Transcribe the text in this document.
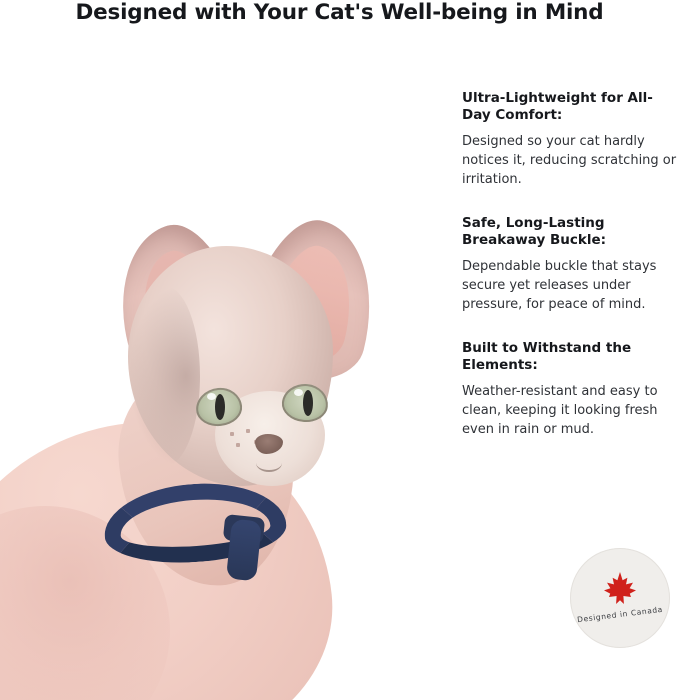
Designed with Your Cat's Well-being in Mind

Ultra-Lightweight for All-Day Comfort:

Designed so your cat hardly notices it, reducing scratching or irritation.

Safe, Long-Lasting Breakaway Buckle:

Dependable buckle that stays secure yet releases under pressure, for peace of mind.

Built to Withstand the Elements:

Weather-resistant and easy to clean, keeping it looking fresh even in rain or mud.

Designed in Canada
